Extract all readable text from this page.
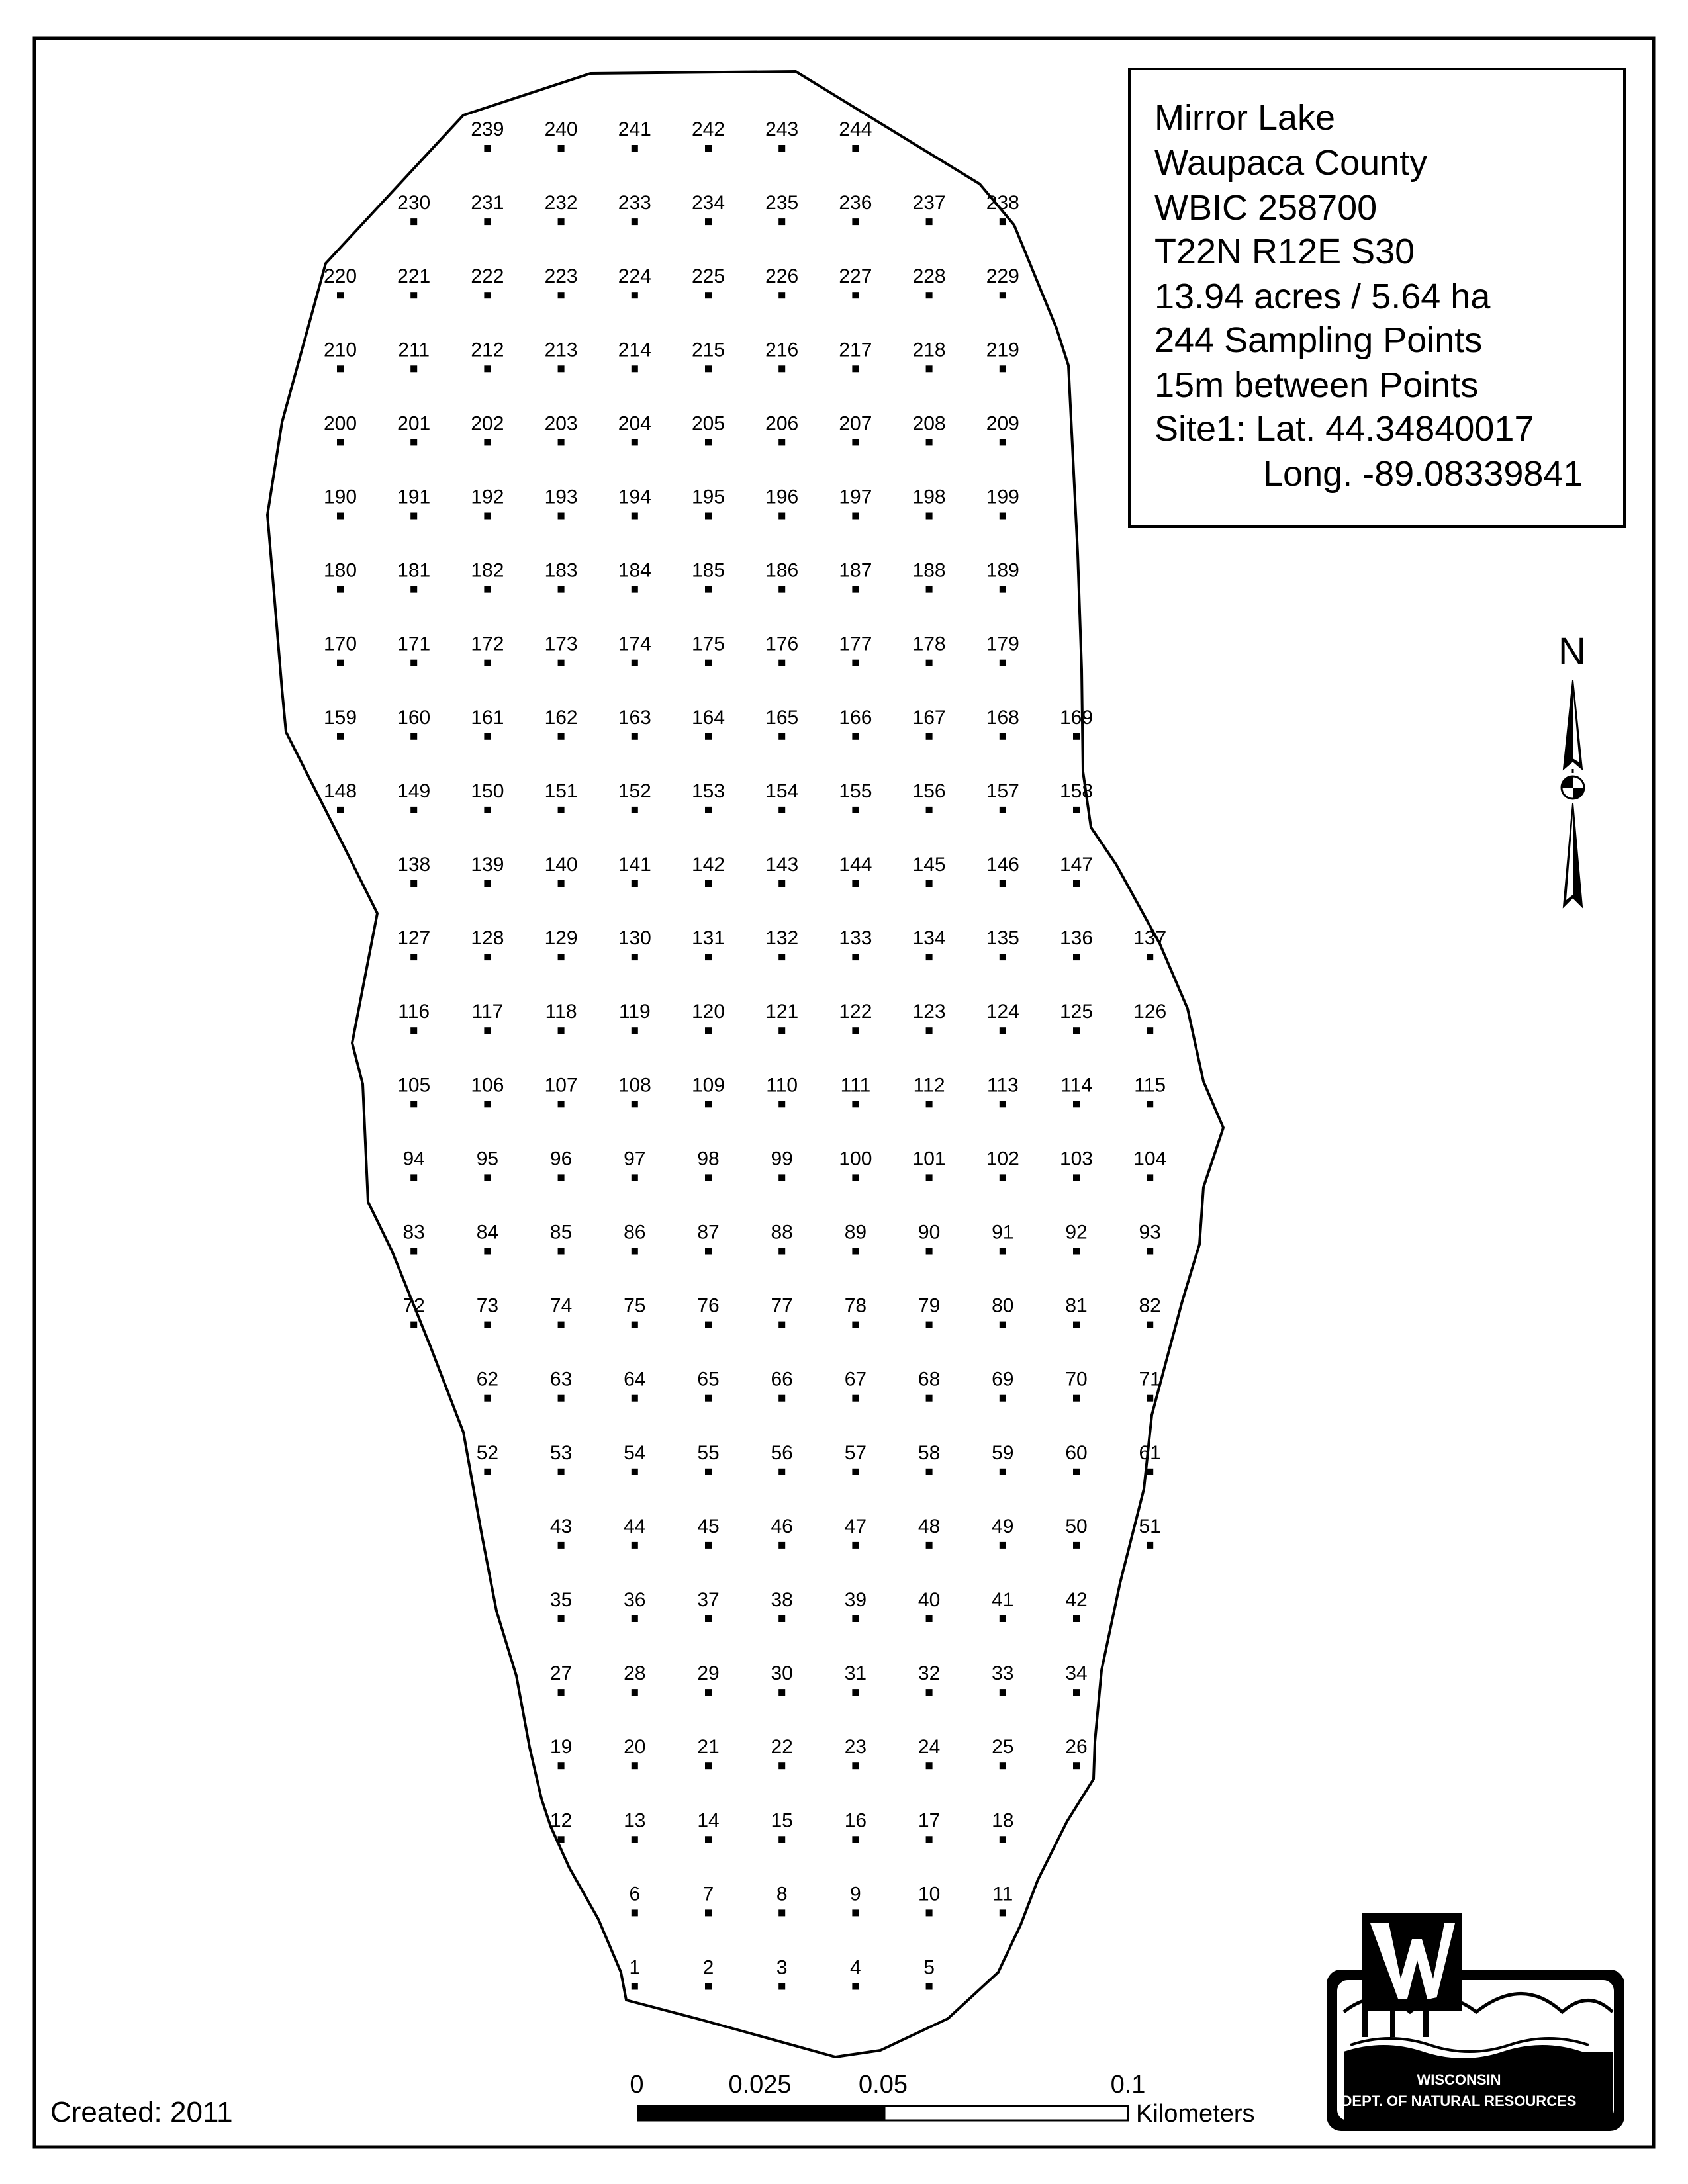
239 240 241 242 243 244
230 231 232 233 234 235 236 237 238
220 221 222 223 224 225 226 227 228 229
210 211 212 213 214 215 216 217 218 219
200 201 202 203 204 205 206 207 208 209
190 191 192 193 194 195 196 197 198 199
180 181 182 183 184 185 186 187 188 189
170 171 172 173 174 175 176 177 178 179
159 160 161 162 163 164 165 166 167 168 169
148 149 150 151 152 153 154 155 156 157 158
138 139 140 141 142 143 144 145 146 147
127 128 129 130 131 132 133 134 135 136 137
116 117 118 119 120 121 122 123 124 125 126
105 106 107 108 109 110 111 112 113 114 115
94	95	96	97	98	99 100 101 102 103 104
83	84	85	86	87	88	89	90	91	92	93
72	73	74	75	76	77	78	79	80	81	82
62	63	64	65	66	67	68	69	70	71
52	53	54	55	56	57	58	59	60	61
43	44	45	46	47	48	49	50	51
35	36	37	38	39	40	41	42
27	28	29	30	31	32	33	34
19	20	21	22	23	24	25	26
12	13	14	15	16	17	18
6	7	8	9	10	11
1	2	3	4	5
Mirror Lake
Waupaca County
WBIC 258700
T22N R12E S30
13.94 acres / 5.64 ha
244 Sampling Points
15m between Points
Site1: Lat. 44.34840017
Long. -89.08339841
N
0	0.025	0.05	0.1
Kilometers
Created: 2011
WISCONSIN
DEPT. OF NATURAL RESOURCES
